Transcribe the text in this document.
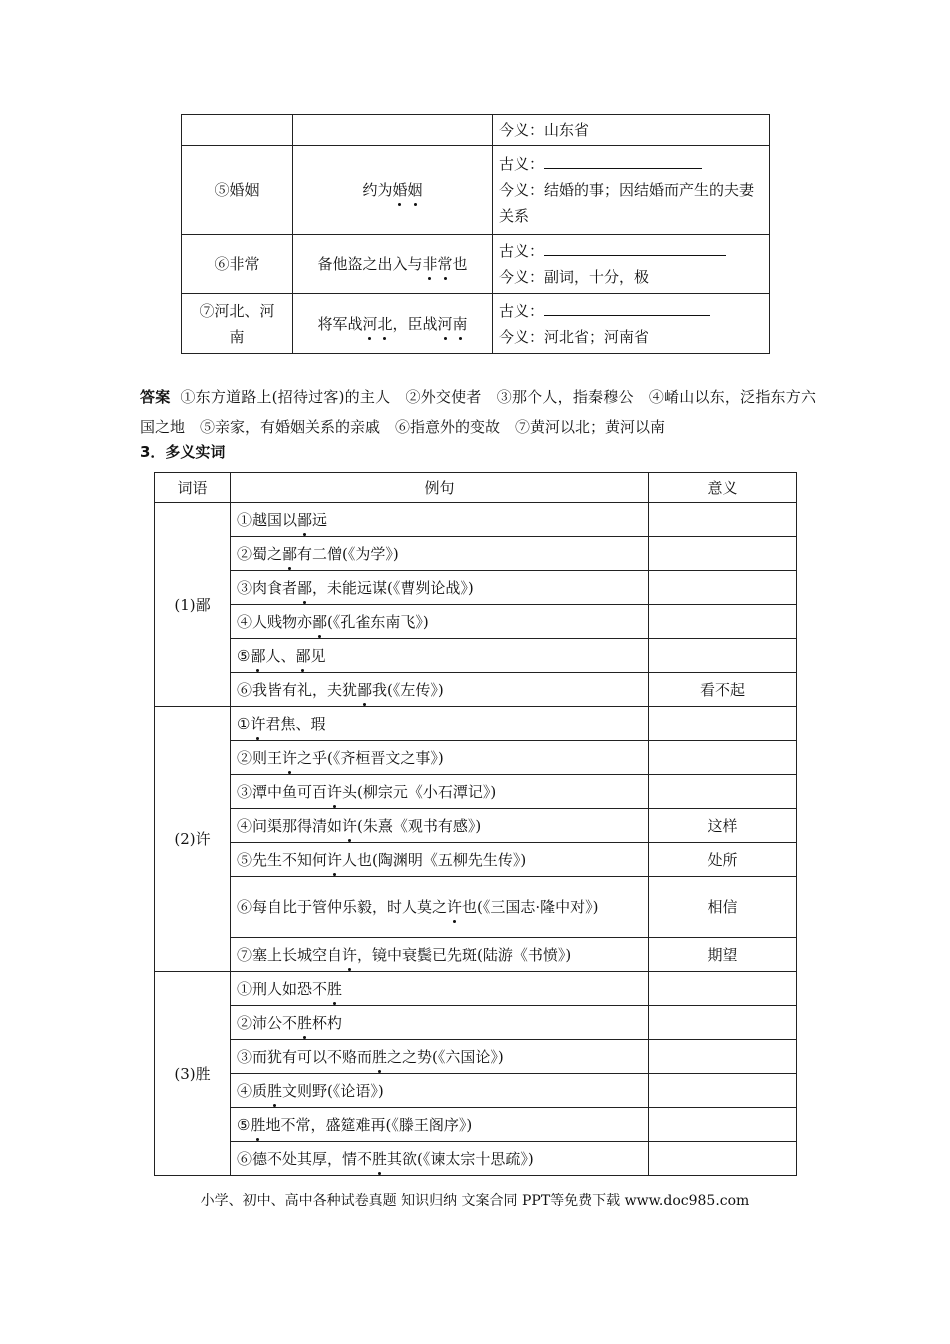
		今义：山东省
⑤婚姻	约为婚姻	古义：
今义：结婚的事；因结婚而产生的夫妻关系

⑥非常	备他盗之出入与非常也	古义：
今义：副词，十分，极

⑦河北、河南	将军战河北，臣战河南	古义：
今义：河北省；河南省
答案 ①东方道路上(招待过客)的主人　②外交使者　③那个人，指秦穆公　④崤山以东，泛指东方六国之地　⑤亲家，有婚姻关系的亲戚　⑥指意外的变故　⑦黄河以北；黄河以南
3．多义实词
词语	例句	意义
(1)鄙	①越国以鄙远	
	②蜀之鄙有二僧(《为学》)	
	③肉食者鄙，未能远谋(《曹刿论战》)	
	④人贱物亦鄙(《孔雀东南飞》)	
	⑤鄙人、鄙见	
	⑥我皆有礼，夫犹鄙我(《左传》)	看不起
(2)许	①许君焦、瑕	
	②则王许之乎(《齐桓晋文之事》)	
	③潭中鱼可百许头(柳宗元《小石潭记》)	
	④问渠那得清如许(朱熹《观书有感》)	这样
	⑤先生不知何许人也(陶渊明《五柳先生传》)	处所
	⑥每自比于管仲乐毅，时人莫之许也(《三国志·隆中对》)	相信
	⑦塞上长城空自许，镜中衰鬓已先斑(陆游《书愤》)	期望
(3)胜	①刑人如恐不胜	
	②沛公不胜杯杓	
	③而犹有可以不赂而胜之之势(《六国论》)	
	④质胜文则野(《论语》)	
	⑤胜地不常，盛筵难再(《滕王阁序》)	
	⑥德不处其厚，情不胜其欲(《谏太宗十思疏》)	
小学、初中、高中各种试卷真题 知识归纳 文案合同 PPT等免费下载 www.doc985.com
